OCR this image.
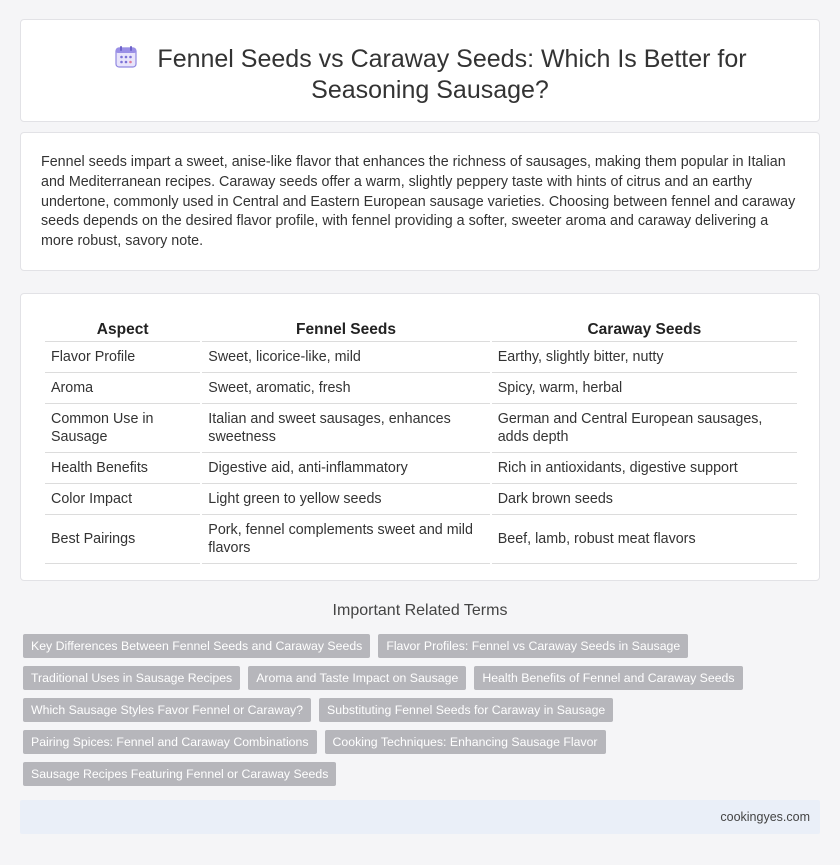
Fennel Seeds vs Caraway Seeds: Which Is Better for Seasoning Sausage?

Fennel seeds impart a sweet, anise-like flavor that enhances the richness of sausages, making them popular in Italian and Mediterranean recipes. Caraway seeds offer a warm, slightly peppery taste with hints of citrus and an earthy undertone, commonly used in Central and Eastern European sausage varieties. Choosing between fennel and caraway seeds depends on the desired flavor profile, with fennel providing a softer, sweeter aroma and caraway delivering a more robust, savory note.

Aspect	Fennel Seeds	Caraway Seeds
Flavor Profile	Sweet, licorice-like, mild	Earthy, slightly bitter, nutty
Aroma	Sweet, aromatic, fresh	Spicy, warm, herbal
Common Use in Sausage	Italian and sweet sausages, enhances sweetness	German and Central European sausages, adds depth
Health Benefits	Digestive aid, anti-inflammatory	Rich in antioxidants, digestive support
Color Impact	Light green to yellow seeds	Dark brown seeds
Best Pairings	Pork, fennel complements sweet and mild flavors	Beef, lamb, robust meat flavors
Important Related Terms
Key Differences Between Fennel Seeds and Caraway Seeds	Flavor Profiles: Fennel vs Caraway Seeds in Sausage
Traditional Uses in Sausage Recipes	Aroma and Taste Impact on Sausage	Health Benefits of Fennel and Caraway Seeds
Which Sausage Styles Favor Fennel or Caraway?	Substituting Fennel Seeds for Caraway in Sausage
Pairing Spices: Fennel and Caraway Combinations	Cooking Techniques: Enhancing Sausage Flavor
Sausage Recipes Featuring Fennel or Caraway Seeds
cookingyes.com
